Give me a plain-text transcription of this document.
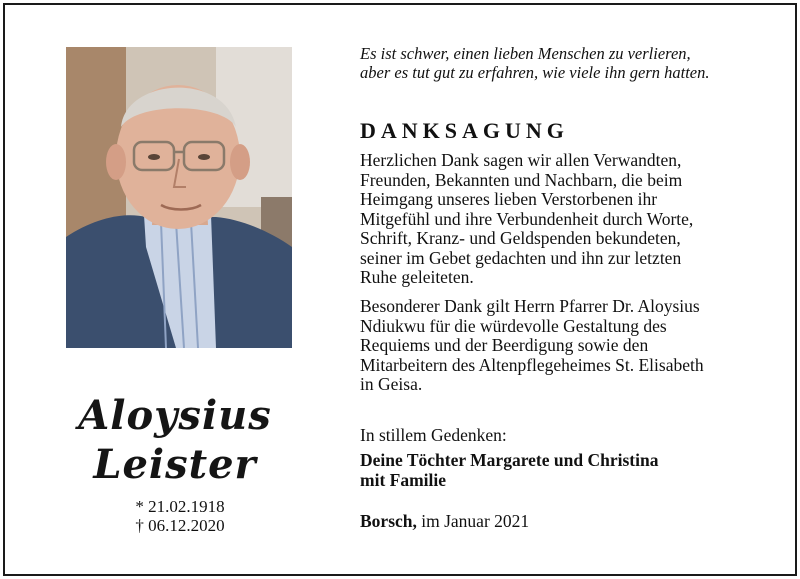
Aloysius
Leister
* 21.02.1918
† 06.12.2020
Es ist schwer, einen lieben Menschen zu verlieren,
aber es tut gut zu erfahren, wie viele ihn gern hatten.
DANKSAGUNG
Herzlichen Dank sagen wir allen Verwandten,
Freunden, Bekannten und Nachbarn, die beim
Heimgang unseres lieben Verstorbenen ihr
Mitgefühl und ihre Verbundenheit durch Worte,
Schrift, Kranz- und Geldspenden bekundeten,
seiner im Gebet gedachten und ihn zur letzten
Ruhe geleiteten.
Besonderer Dank gilt Herrn Pfarrer Dr. Aloysius
Ndiukwu für die würdevolle Gestaltung des
Requiems und der Beerdigung sowie den
Mitarbeitern des Altenpflegeheimes St. Elisabeth
in Geisa.
In stillem Gedenken:
Deine Töchter Margarete und Christina
mit Familie
Borsch, im Januar 2021
